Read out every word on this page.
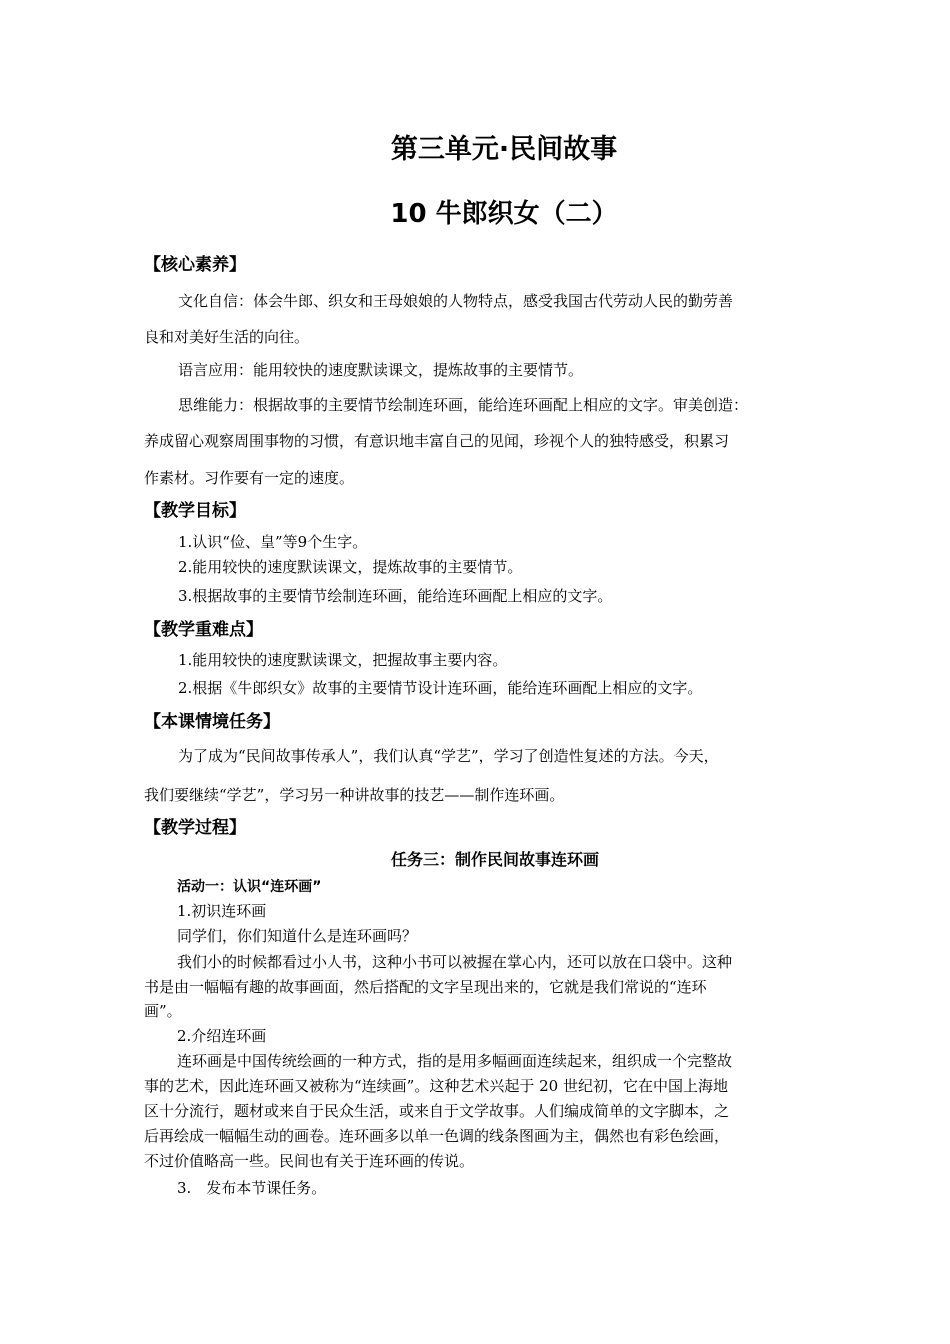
第三单元·民间故事
10 牛郎织女（二）
【核心素养】
文化自信：体会牛郎、织女和王母娘娘的人物特点，感受我国古代劳动人民的勤劳善
良和对美好生活的向往。
语言应用：能用较快的速度默读课文，提炼故事的主要情节。
思维能力：根据故事的主要情节绘制连环画，能给连环画配上相应的文字。审美创造：
养成留心观察周围事物的习惯，有意识地丰富自己的见闻，珍视个人的独特感受，积累习
作素材。习作要有一定的速度。
【教学目标】
1.认识“俭、皇”等9个生字。
2.能用较快的速度默读课文，提炼故事的主要情节。
3.根据故事的主要情节绘制连环画，能给连环画配上相应的文字。
【教学重难点】
1.能用较快的速度默读课文，把握故事主要内容。
2.根据《牛郎织女》故事的主要情节设计连环画，能给连环画配上相应的文字。
【本课情境任务】
为了成为“民间故事传承人”，我们认真“学艺”，学习了创造性复述的方法。今天，
我们要继续“学艺”，学习另一种讲故事的技艺——制作连环画。
【教学过程】
任务三：制作民间故事连环画
活动一：认识“连环画”
1.初识连环画
同学们，你们知道什么是连环画吗？
我们小的时候都看过小人书，这种小书可以被握在掌心内，还可以放在口袋中。这种
书是由一幅幅有趣的故事画面，然后搭配的文字呈现出来的，它就是我们常说的“连环
画”。
2.介绍连环画
连环画是中国传统绘画的一种方式，指的是用多幅画面连续起来，组织成一个完整故
事的艺术，因此连环画又被称为“连续画”。这种艺术兴起于 20 世纪初，它在中国上海地
区十分流行，题材或来自于民众生活，或来自于文学故事。人们编成简单的文字脚本，之
后再绘成一幅幅生动的画卷。连环画多以单一色调的线条图画为主，偶然也有彩色绘画，
不过价值略高一些。民间也有关于连环画的传说。
3.　发布本节课任务。
